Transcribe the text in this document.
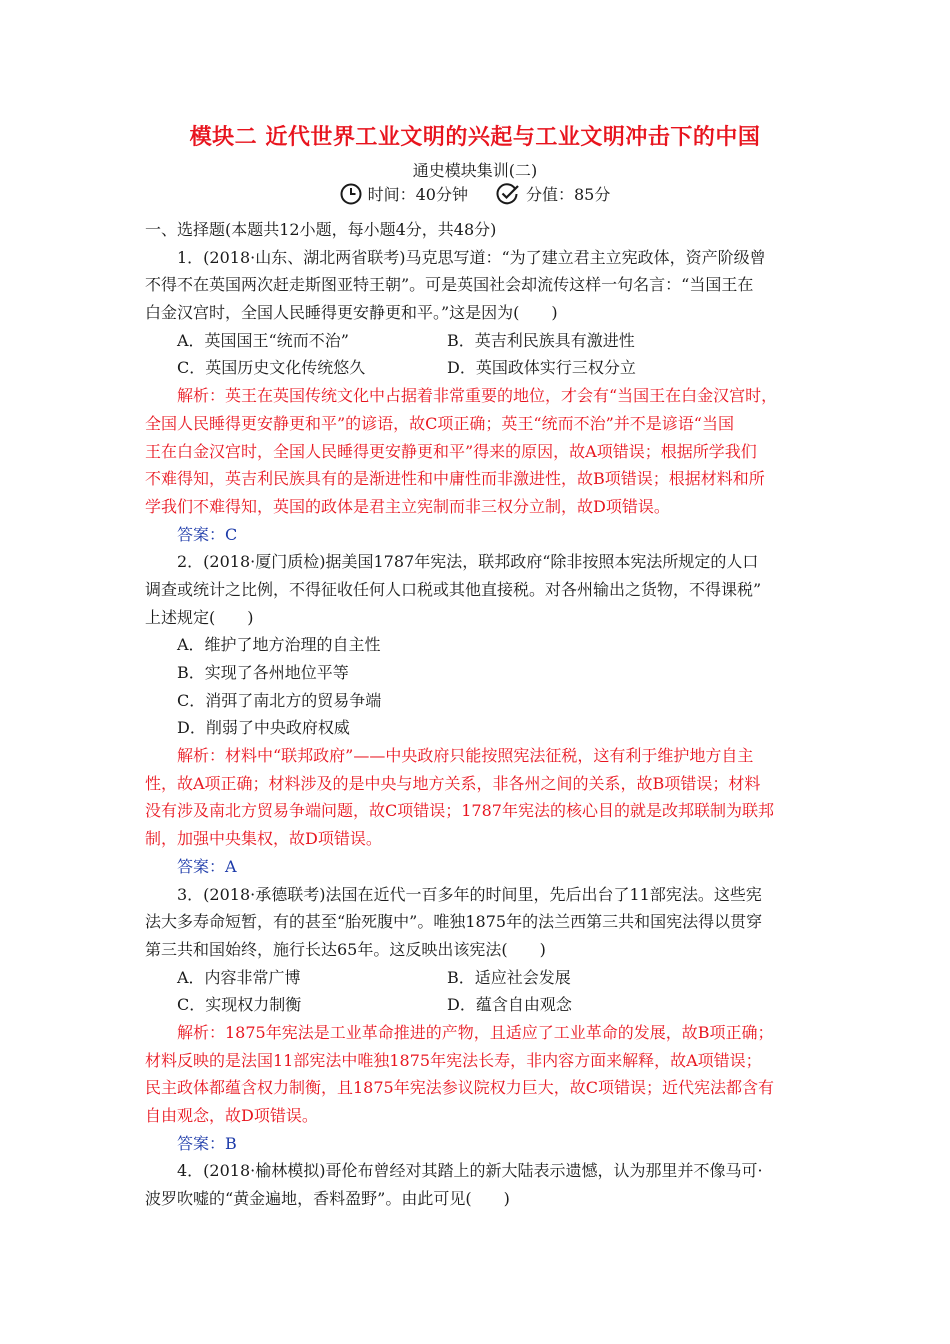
模块二 近代世界工业文明的兴起与工业文明冲击下的中国
通史模块集训(二)
时间：40分钟	分值：85分
一、选择题(本题共12小题，每小题4分，共48分)
1．(2018·山东、湖北两省联考)马克思写道：“为了建立君主立宪政体，资产阶级曾
不得不在英国两次赶走斯图亚特王朝”。可是英国社会却流传这样一句名言：“当国王在
白金汉宫时，全国人民睡得更安静更和平。”这是因为(　　)
A．英国国王“统而不治”	B．英吉利民族具有激进性
C．英国历史文化传统悠久	D．英国政体实行三权分立
解析：英王在英国传统文化中占据着非常重要的地位，才会有“当国王在白金汉宫时，
全国人民睡得更安静更和平”的谚语，故C项正确；英王“统而不治”并不是谚语“当国
王在白金汉宫时，全国人民睡得更安静更和平”得来的原因，故A项错误；根据所学我们
不难得知，英吉利民族具有的是渐进性和中庸性而非激进性，故B项错误；根据材料和所
学我们不难得知，英国的政体是君主立宪制而非三权分立制，故D项错误。
答案：C
2．(2018·厦门质检)据美国1787年宪法，联邦政府“除非按照本宪法所规定的人口
调查或统计之比例，不得征收任何人口税或其他直接税。对各州输出之货物，不得课税”
上述规定(　　)
A．维护了地方治理的自主性
B．实现了各州地位平等
C．消弭了南北方的贸易争端
D．削弱了中央政府权威
解析：材料中“联邦政府”——中央政府只能按照宪法征税，这有利于维护地方自主
性，故A项正确；材料涉及的是中央与地方关系，非各州之间的关系，故B项错误；材料
没有涉及南北方贸易争端问题，故C项错误；1787年宪法的核心目的就是改邦联制为联邦
制，加强中央集权，故D项错误。
答案：A
3．(2018·承德联考)法国在近代一百多年的时间里，先后出台了11部宪法。这些宪
法大多寿命短暂，有的甚至“胎死腹中”。唯独1875年的法兰西第三共和国宪法得以贯穿
第三共和国始终，施行长达65年。这反映出该宪法(　　)
A．内容非常广博	B．适应社会发展
C．实现权力制衡	D．蕴含自由观念
解析：1875年宪法是工业革命推进的产物，且适应了工业革命的发展，故B项正确；
材料反映的是法国11部宪法中唯独1875年宪法长寿，非内容方面来解释，故A项错误；
民主政体都蕴含权力制衡，且1875年宪法参议院权力巨大，故C项错误；近代宪法都含有
自由观念，故D项错误。
答案：B
4．(2018·榆林模拟)哥伦布曾经对其踏上的新大陆表示遗憾，认为那里并不像马可·
波罗吹嘘的“黄金遍地，香料盈野”。由此可见(　　)
